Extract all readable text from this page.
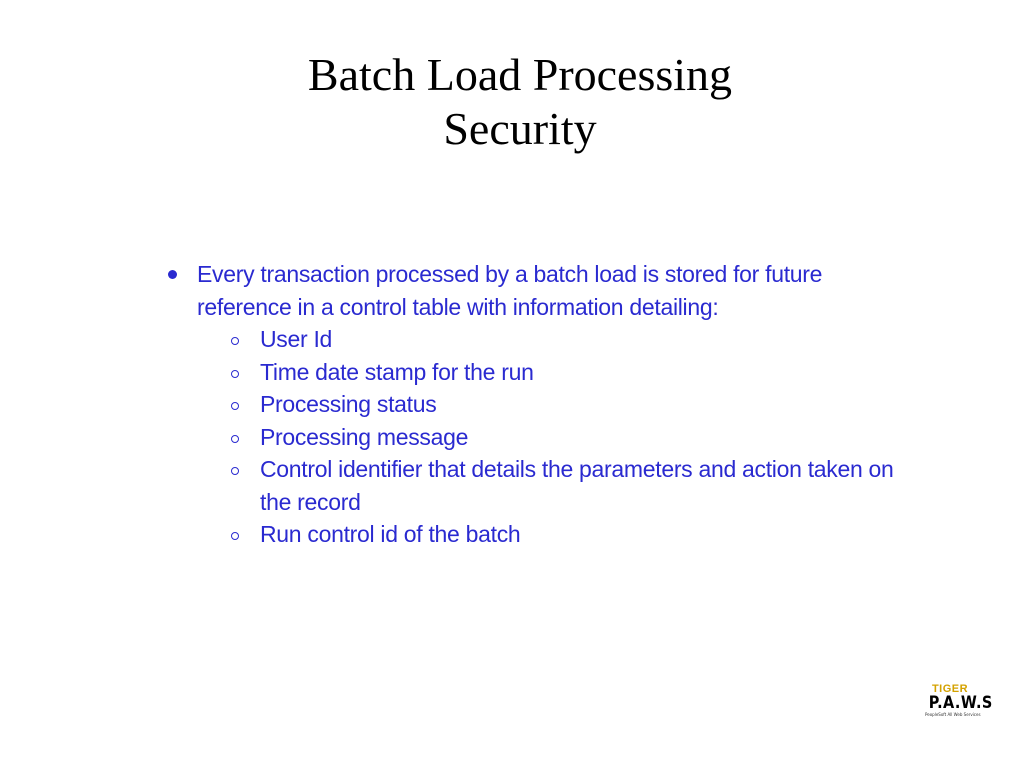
Batch Load Processing
Security
Every transaction processed by a batch load is stored for future reference in a control table with information detailing:
User Id
Time date stamp for the run
Processing status
Processing message
Control identifier that details the parameters and action taken on the record
Run control id of the batch
TIGER
P.A.W.S
PeopleSoft All Web Services
